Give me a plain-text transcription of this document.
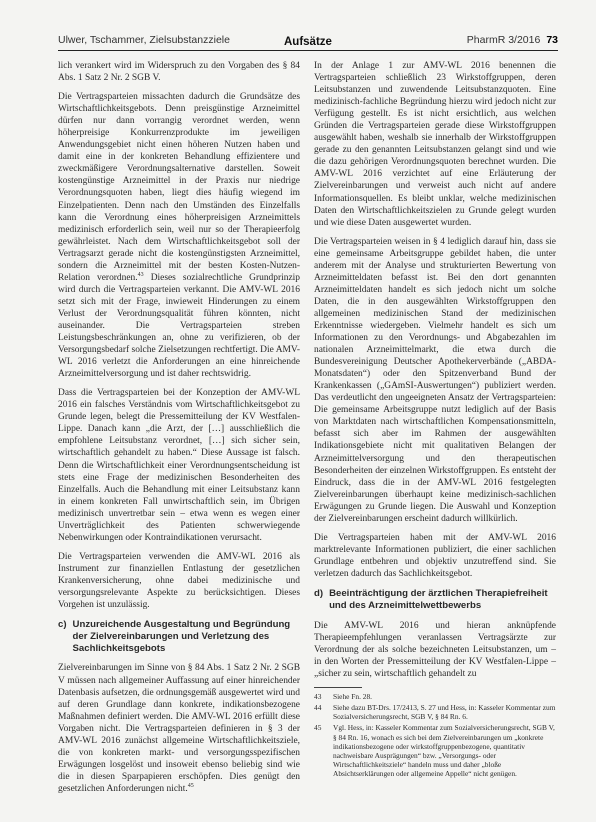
Ulwer, Tschammer, Zielsubstanzziele	Aufsätze	PharmR 3/2016 73

lich verankert wird im Widerspruch zu den Vorgaben des § 84 Abs. 1 Satz 2 Nr. 2 SGB V.

Die Vertragsparteien missachten dadurch die Grundsätze des Wirtschaftlichkeitsgebots. Denn preisgünstige Arzneimittel dürfen nur dann vorrangig verordnet werden, wenn höherpreisige Konkurrenzprodukte im jeweiligen Anwendungsgebiet nicht einen höheren Nutzen haben und damit eine in der konkreten Behandlung effizientere und zweckmäßigere Verordnungsalternative darstellen. Soweit kostengünstige Arzneimittel in der Praxis nur niedrige Verordnungsquoten haben, liegt dies häufig wiegend im Einzelpatienten. Denn nach den Umständen des Einzelfalls kann die Verordnung eines höherpreisigen Arzneimittels medizinisch erforderlich sein, weil nur so der Therapieerfolg gewährleistet. Nach dem Wirtschaftlichkeitsgebot soll der Vertragsarzt gerade nicht die kostengünstigsten Arzneimittel, sondern die Arzneimittel mit der besten Kosten-Nutzen-Relation verordnen.$^{43}$ Dieses sozialrechtliche Grundprinzip wird durch die Vertragsparteien verkannt. Die AMV-WL 2016 setzt sich mit der Frage, inwieweit Hinderungen zu einem Verlust der Verordnungsqualität führen könnten, nicht auseinander. Die Vertragsparteien streben Leistungsbeschränkungen an, ohne zu verifizieren, ob der Versorgungsbedarf solche Zielsetzungen rechtfertigt. Die AMV-WL 2016 verletzt die Anforderungen an eine hinreichende Arzneimittelversorgung und ist daher rechtswidrig.

Dass die Vertragsparteien bei der Konzeption der AMV-WL 2016 ein falsches Verständnis vom Wirtschaftlichkeitsgebot zu Grunde legen, belegt die Pressemitteilung der KV Westfalen-Lippe. Danach kann „die Arzt, der […] ausschließlich die empfohlene Leitsubstanz verordnet, […] sich sicher sein, wirtschaftlich gehandelt zu haben.“ Diese Aussage ist falsch. Denn die Wirtschaftlichkeit einer Verordnungsentscheidung ist stets eine Frage der medizinischen Besonderheiten des Einzelfalls. Auch die Behandlung mit einer Leitsubstanz kann in einem konkreten Fall unwirtschaftlich sein, im Übrigen medizinisch unvertretbar sein – etwa wenn es wegen einer Unverträglichkeit des Patienten schwerwiegende Nebenwirkungen oder Kontraindikationen verursacht.

Die Vertragsparteien verwenden die AMV-WL 2016 als Instrument zur finanziellen Entlastung der gesetzlichen Krankenversicherung, ohne dabei medizinische und versorgungsrelevante Aspekte zu berücksichtigen. Dieses Vorgehen ist unzulässig.

c) Unzureichende Ausgestaltung und Begründung der Zielvereinbarungen und Verletzung des Sachlichkeitsgebots

Zielvereinbarungen im Sinne von § 84 Abs. 1 Satz 2 Nr. 2 SGB V müssen nach allgemeiner Auffassung auf einer hinreichender Datenbasis aufsetzen, die ordnungsgemäß ausgewertet wird und auf deren Grundlage dann konkrete, indikationsbezogene Maßnahmen definiert werden. Die AMV-WL 2016 erfüllt diese Vorgaben nicht. Die Vertragsparteien definieren in § 3 der AMV-WL 2016 zunächst allgemeine Wirtschaftlichkeitsziele, die von konkreten markt- und versorgungsspezifischen Erwägungen losgelöst und insoweit ebenso beliebig sind wie die in diesen Sparpapieren erschöpfen. Dies genügt den gesetzlichen Anforderungen nicht.$^{45}$

In der Anlage 1 zur AMV-WL 2016 benennen die Vertragsparteien schließlich 23 Wirkstoffgruppen, deren Leitsubstanzen und zuwendende Leitsubstanzquoten. Eine medizinisch-fachliche Begründung hierzu wird jedoch nicht zur Verfügung gestellt. Es ist nicht ersichtlich, aus welchen Gründen die Vertragsparteien gerade diese Wirkstoffgruppen ausgewählt haben, weshalb sie innerhalb der Wirkstoffgruppen gerade zu den genannten Leitsubstanzen gelangt sind und wie die dazu gehörigen Verordnungsquoten berechnet wurden. Die AMV-WL 2016 verzichtet auf eine Erläuterung der Zielvereinbarungen und verweist auch nicht auf andere Informationsquellen. Es bleibt unklar, welche medizinischen Daten den Wirtschaftlichkeitszielen zu Grunde gelegt wurden und wie diese Daten ausgewertet wurden.

Die Vertragsparteien weisen in § 4 lediglich darauf hin, dass sie eine gemeinsame Arbeitsgruppe gebildet haben, die unter anderem mit der Analyse und strukturierten Bewertung von Arzneimitteldaten befasst ist. Bei den dort genannten Arzneimitteldaten handelt es sich jedoch nicht um solche Daten, die in den ausgewählten Wirkstoffgruppen den allgemeinen medizinischen Stand der medizinischen Erkenntnisse wiedergeben. Vielmehr handelt es sich um Informationen zu den Verordnungs- und Abgabezahlen im nationalen Arzneimittelmarkt, die etwa durch die Bundesvereinigung Deutscher Apothekerverbände („ABDA-Monatsdaten“) oder den Spitzenverband Bund der Krankenkassen („GAmSI-Auswertungen“) publiziert werden. Das verdeutlicht den ungeeigneten Ansatz der Vertragsparteien: Die gemeinsame Arbeitsgruppe nutzt lediglich auf der Basis von Marktdaten nach wirtschaftlichen Kompensationsmitteln, befasst sich aber im Rahmen der ausgewählten Indikationsgebiete nicht mit qualitativen Belangen der Arzneimittelversorgung und den therapeutischen Besonderheiten der einzelnen Wirkstoffgruppen. Es entsteht der Eindruck, dass die in der AMV-WL 2016 festgelegten Zielvereinbarungen überhaupt keine medizinisch-sachlichen Erwägungen zu Grunde liegen. Die Auswahl und Konzeption der Zielvereinbarungen erscheint dadurch willkürlich.

Die Vertragsparteien haben mit der AMV-WL 2016 marktrelevante Informationen publiziert, die einer sachlichen Grundlage entbehren und objektiv unzutreffend sind. Sie verletzen dadurch das Sachlichkeitsgebot.

d) Beeinträchtigung der ärztlichen Therapiefreiheit und des Arzneimittelwettbewerbs

Die AMV-WL 2016 und hieran anknüpfende Therapieempfehlungen veranlassen Vertragsärzte zur Verordnung der als solche bezeichneten Leitsubstanzen, um – in den Worten der Pressemitteilung der KV Westfalen-Lippe – „sicher zu sein, wirtschaftlich gehandelt zu

43	Siehe Fn. 28.
44	Siehe dazu BT-Drs. 17/2413, S. 27 und Hess, in: Kasseler Kommentar zum Sozialversicherungsrecht, SGB V, § 84 Rn. 6.
45	Vgl. Hess, in: Kasseler Kommentar zum Sozialversicherungsrecht, SGB V, § 84 Rn. 16, wonach es sich bei dem Zielvereinbarungen um „konkrete indikationsbezogene oder wirkstoffgruppenbezogene, quantitativ nachweisbare Ausprägungen“ bzw. „Versorgungs- oder Wirtschaftlichkeitsziele“ handeln muss und daher „bloße Absichtserklärungen oder allgemeine Appelle“ nicht genügen.
